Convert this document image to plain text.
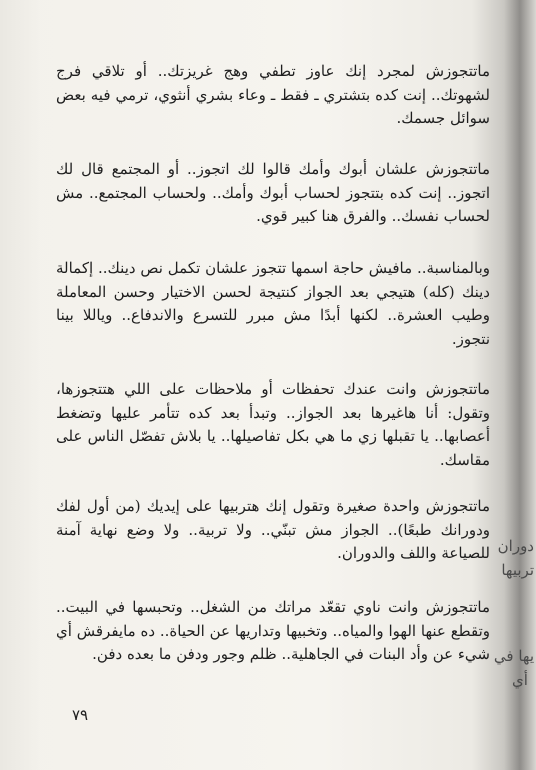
ماتتجوزش لمجرد إنك عاوز تطفي وهج غريزتك.. أو تلاقي فرج لشهوتك.. إنت كده بتشتري ـ فقط ـ وعاء بشري أنثوي، ترمي فيه بعض سوائل جسمك.

ماتتجوزش علشان أبوك وأمك قالوا لك اتجوز.. أو المجتمع قال لك اتجوز.. إنت كده بتتجوز لحساب أبوك وأمك.. ولحساب المجتمع.. مش لحساب نفسك.. والفرق هنا كبير قوي.

وبالمناسبة.. مافيش حاجة اسمها تتجوز علشان تكمل نص دينك.. إكمالة دينك (كله) هتيجي بعد الجواز كنتيجة لحسن الاختيار وحسن المعاملة وطيب العشرة.. لكنها أبدًا مش مبرر للتسرع والاندفاع.. وياللا بينا نتجوز.

ماتتجوزش وانت عندك تحفظات أو ملاحظات على اللي هتتجوزها، وتقول: أنا هاغيرها بعد الجواز.. وتبدأ بعد كده تتأمر عليها وتضغط أعصابها.. يا تقبلها زي ما هي بكل تفاصيلها.. يا بلاش تفصّل الناس على مقاسك.

ماتتجوزش واحدة صغيرة وتقول إنك هتربيها على إيديك (من أول لفك ودورانك طبعًا).. الجواز مش تبنّي.. ولا تربية.. ولا وضع نهاية آمنة للصياعة واللف والدوران.

ماتتجوزش وانت ناوي تقعّد مراتك من الشغل.. وتحبسها في البيت.. وتقطع عنها الهوا والمياه.. وتخبيها وتداريها عن الحياة.. ده مايفرقش أي شيء عن وأد البنات في الجاهلية.. ظلم وجور ودفن ما بعده دفن.

٧٩
دوران
تربيها
يها في
أي
